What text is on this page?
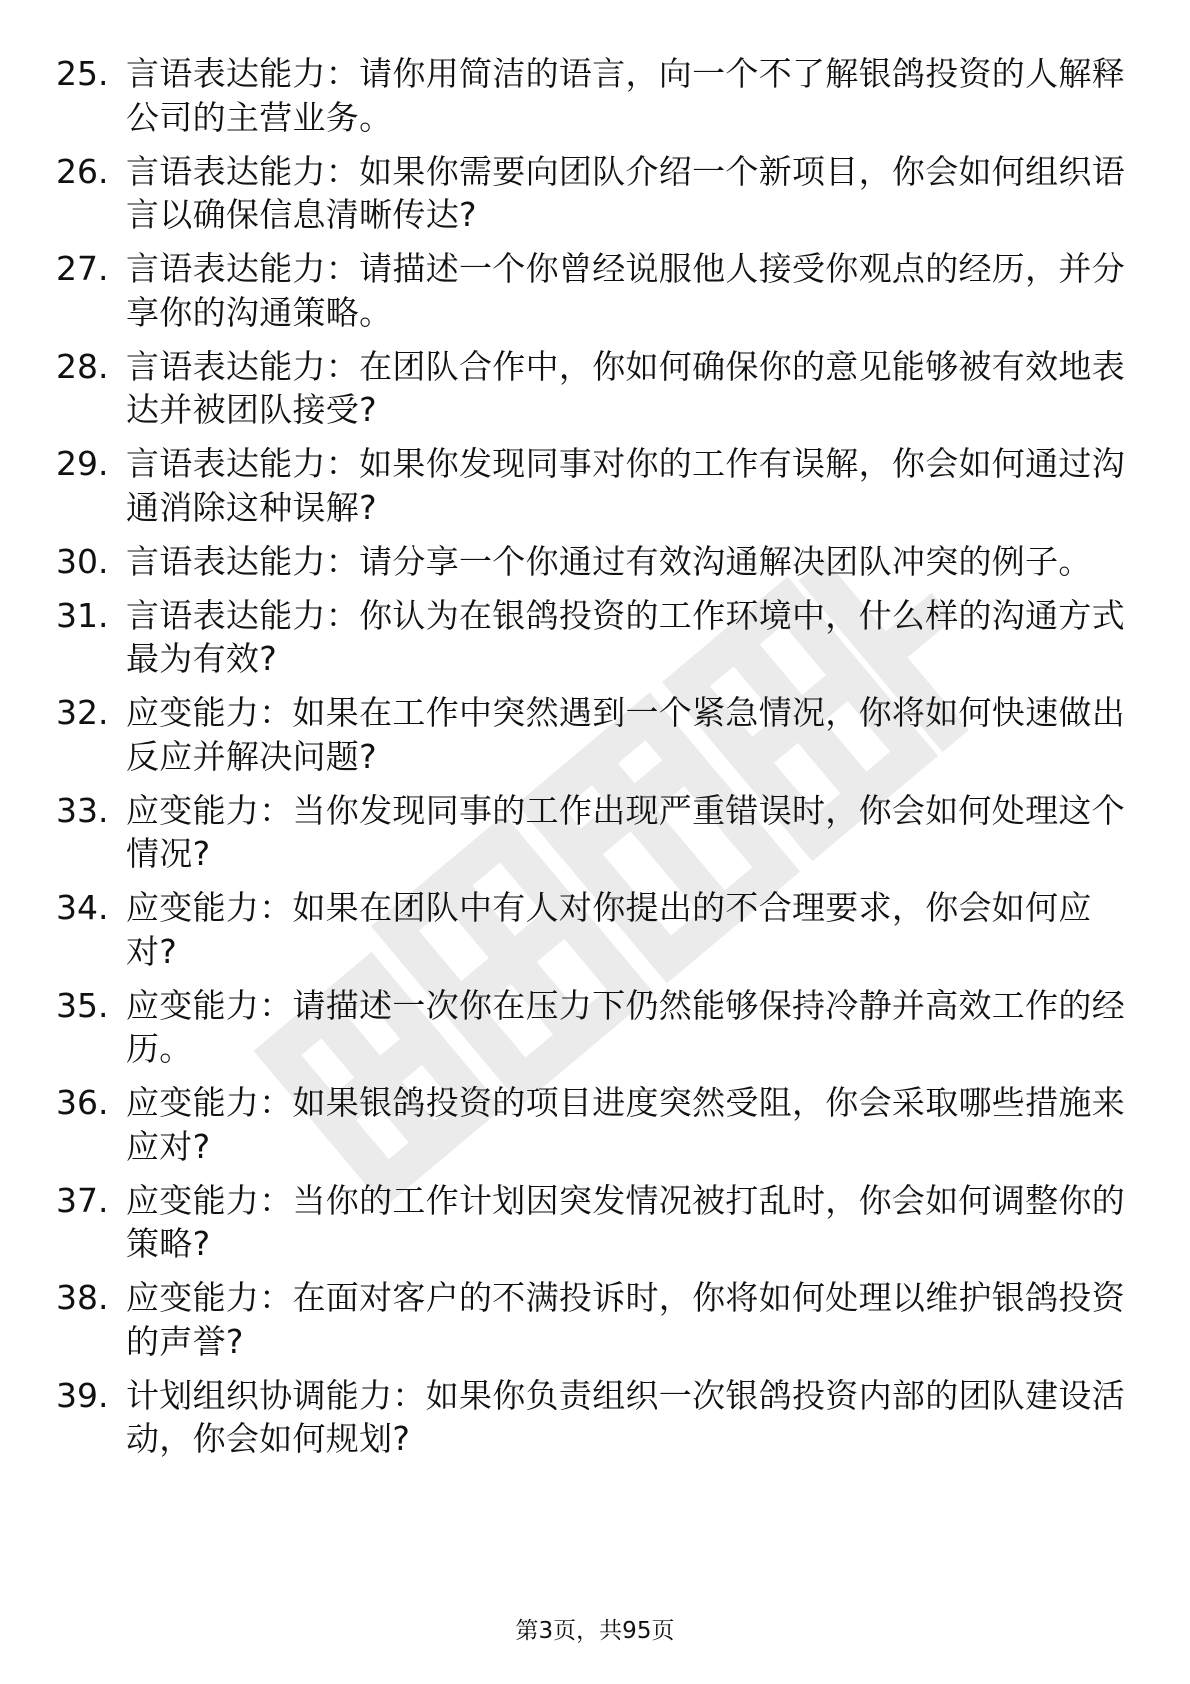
25. 言语表达能力：请你用简洁的语言，向一个不了解银鸽投资的人解释公司的主营业务。
26. 言语表达能力：如果你需要向团队介绍一个新项目，你会如何组织语言以确保信息清晰传达?
27. 言语表达能力：请描述一个你曾经说服他人接受你观点的经历，并分享你的沟通策略。
28. 言语表达能力：在团队合作中，你如何确保你的意见能够被有效地表达并被团队接受?
29. 言语表达能力：如果你发现同事对你的工作有误解，你会如何通过沟通消除这种误解?
30. 言语表达能力：请分享一个你通过有效沟通解决团队冲突的例子。
31. 言语表达能力：你认为在银鸽投资的工作环境中，什么样的沟通方式最为有效?
32. 应变能力：如果在工作中突然遇到一个紧急情况，你将如何快速做出反应并解决问题?
33. 应变能力：当你发现同事的工作出现严重错误时，你会如何处理这个情况?
34. 应变能力：如果在团队中有人对你提出的不合理要求，你会如何应对?
35. 应变能力：请描述一次你在压力下仍然能够保持冷静并高效工作的经历。
36. 应变能力：如果银鸽投资的项目进度突然受阻，你会采取哪些措施来应对?
37. 应变能力：当你的工作计划因突发情况被打乱时，你会如何调整你的策略?
38. 应变能力：在面对客户的不满投诉时，你将如何处理以维护银鸽投资的声誉?
39. 计划组织协调能力：如果你负责组织一次银鸽投资内部的团队建设活动，你会如何规划?
第3页，共95页
